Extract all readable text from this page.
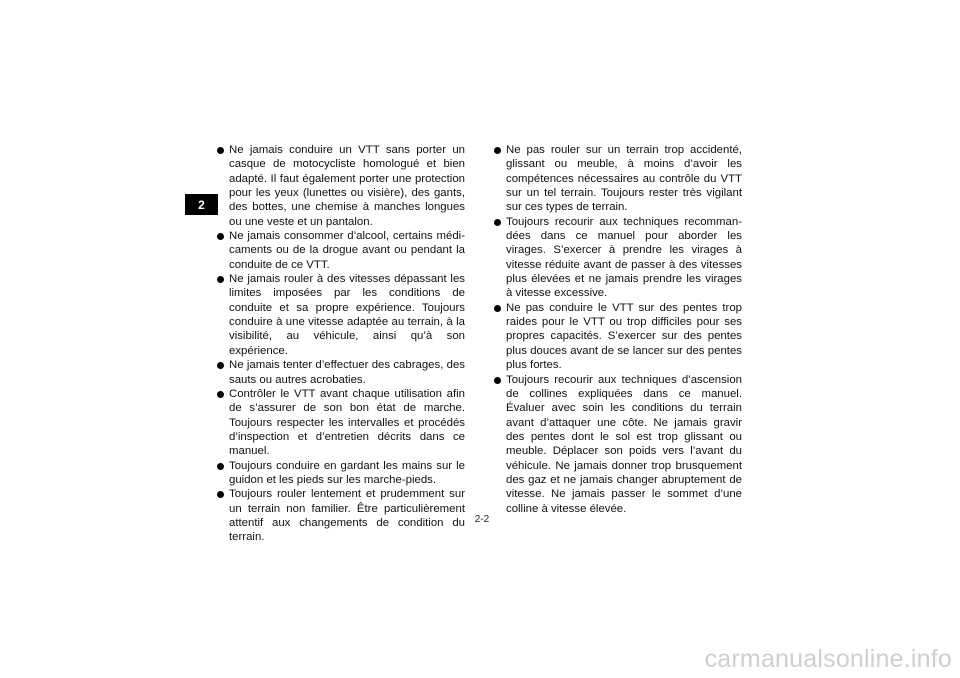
2
Ne jamais conduire un VTT sans porter un casque de motocycliste homologué et bien adapté. Il faut également porter une protection pour les yeux (lunettes ou visière), des gants, des bottes, une chemise à manches longues ou une veste et un pantalon.
Ne jamais consommer d’alcool, certains médicaments ou de la drogue avant ou pendant la conduite de ce VTT.
Ne jamais rouler à des vitesses dépassant les limites imposées par les conditions de conduite et sa propre expérience. Toujours conduire à une vitesse adaptée au terrain, à la visibilité, au véhicule, ainsi qu’à son expérience.
Ne jamais tenter d’effectuer des cabrages, des sauts ou autres acrobaties.
Contrôler le VTT avant chaque utilisation afin de s’assurer de son bon état de marche. Toujours respecter les intervalles et procédés d’inspection et d’entretien décrits dans ce manuel.
Toujours conduire en gardant les mains sur le guidon et les pieds sur les marche-pieds.
Toujours rouler lentement et prudemment sur un terrain non familier. Être particulièrement attentif aux changements de condition du terrain.
Ne pas rouler sur un terrain trop accidenté, glissant ou meuble, à moins d’avoir les compétences nécessaires au contrôle du VTT sur un tel terrain. Toujours rester très vigilant sur ces types de terrain.
Toujours recourir aux techniques recommandées dans ce manuel pour aborder les virages. S’exercer à prendre les virages à vitesse réduite avant de passer à des vitesses plus élevées et ne jamais prendre les virages à vitesse excessive.
Ne pas conduire le VTT sur des pentes trop raides pour le VTT ou trop difficiles pour ses propres capacités. S’exercer sur des pentes plus douces avant de se lancer sur des pentes plus fortes.
Toujours recourir aux techniques d’ascension de collines expliquées dans ce manuel. Évaluer avec soin les conditions du terrain avant d’attaquer une côte. Ne jamais gravir des pentes dont le sol est trop glissant ou meuble. Déplacer son poids vers l’avant du véhicule. Ne jamais donner trop brusquement des gaz et ne jamais changer abruptement de vitesse. Ne jamais passer le sommet d’une colline à vitesse élevée.
2-2
carmanualsonline.info
